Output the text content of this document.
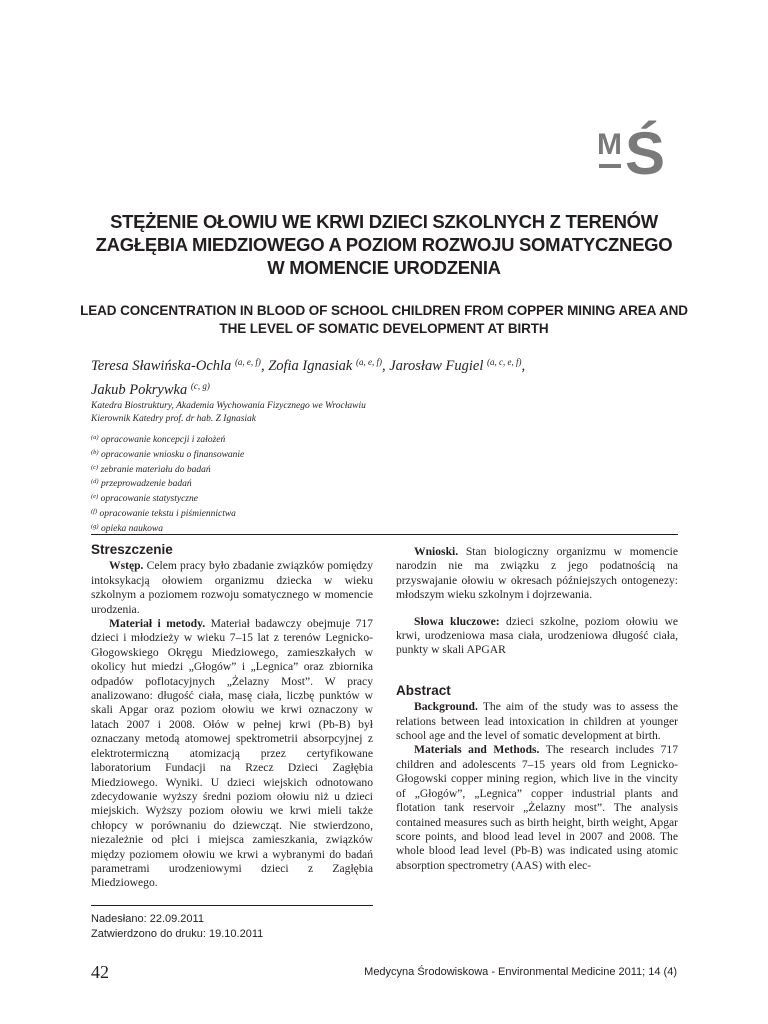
M Ś
STĘŻENIE OŁOWIU WE KRWI DZIECI SZKOLNYCH Z TERENÓW
ZAGŁĘBIA MIEDZIOWEGO A POZIOM ROZWOJU SOMATYCZNEGO
W MOMENCIE URODZENIA
LEAD CONCENTRATION IN BLOOD OF SCHOOL CHILDREN FROM COPPER MINING AREA AND
THE LEVEL OF SOMATIC DEVELOPMENT AT BIRTH
Teresa Sławińska-Ochla $^{(a, e, f)}$, Zofia Ignasiak $^{(a, e, f)}$, Jarosław Fugiel $^{(a, c, e, f)}$,
Jakub Pokrywka $^{(c, g)}$
Katedra Biostruktury, Akademia Wychowania Fizycznego we Wrocławiu
Kierownik Katedry prof. dr hab. Z Ignasiak
$^{(a)}$ opracowanie koncepcji i założeń
$^{(b)}$ opracowanie wniosku o finansowanie
$^{(c)}$ zebranie materiału do badań
$^{(d)}$ przeprowadzenie badań
$^{(e)}$ opracowanie statystyczne
$^{(f)}$ opracowanie tekstu i piśmiennictwa
$^{(g)}$ opieka naukowa
Streszczenie

Wstęp. Celem pracy było zbadanie związków pomiędzy intoksykacją ołowiem organizmu dziecka w wieku szkolnym a poziomem rozwoju somatycznego w momencie urodzenia.

Materiał i metody. Materiał badawczy obejmuje 717 dzieci i młodzieży w wieku 7–15 lat z terenów Legnicko-Głogowskiego Okręgu Miedziowego, zamieszkałych w okolicy hut miedzi „Głogów” i „Legnica” oraz zbiornika odpadów poflotacyjnych „Żelazny Most”. W pracy analizowano: długość ciała, masę ciała, liczbę punktów w skali Apgar oraz poziom ołowiu we krwi oznaczony w latach 2007 i 2008. Ołów w pełnej krwi (Pb-B) był oznaczany metodą atomowej spektrometrii absorpcyjnej z elektrotermiczną atomizacją przez certyfikowane laboratorium Fundacji na Rzecz Dzieci Zagłębia Miedziowego. Wyniki. U dzieci wiejskich odnotowano zdecydowanie wyższy średni poziom ołowiu niż u dzieci miejskich. Wyższy poziom ołowiu we krwi mieli także chłopcy w porównaniu do dziewcząt. Nie stwierdzono, niezależnie od płci i miejsca zamieszkania, związków między poziomem ołowiu we krwi a wybranymi do badań parametrami urodzeniowymi dzieci z Zagłębia Miedziowego.

Wnioski. Stan biologiczny organizmu w momencie narodzin nie ma związku z jego podatnością na przyswajanie ołowiu w okresach późniejszych ontogenezy: młodszym wieku szkolnym i dojrzewania.

Słowa kluczowe: dzieci szkolne, poziom ołowiu we krwi, urodzeniowa masa ciała, urodzeniowa długość ciała, punkty w skali APGAR

Abstract

Background. The aim of the study was to assess the relations between lead intoxication in children at younger school age and the level of somatic development at birth.

Materials and Methods. The research includes 717 children and adolescents 7–15 years old from Legnicko-Głogowski copper mining region, which live in the vincity of „Głogów”, „Legnica” copper industrial plants and flotation tank reservoir „Żelazny most”. The analysis contained measures such as birth height, birth weight, Apgar score points, and blood lead level in 2007 and 2008. The whole blood lead level (Pb-B) was indicated using atomic absorption spectrometry (AAS) with elec-

Nadesłano: 22.09.2011
Zatwierdzono do druku: 19.10.2011
42	Medycyna Środowiskowa - Environmental Medicine 2011; 14 (4)
